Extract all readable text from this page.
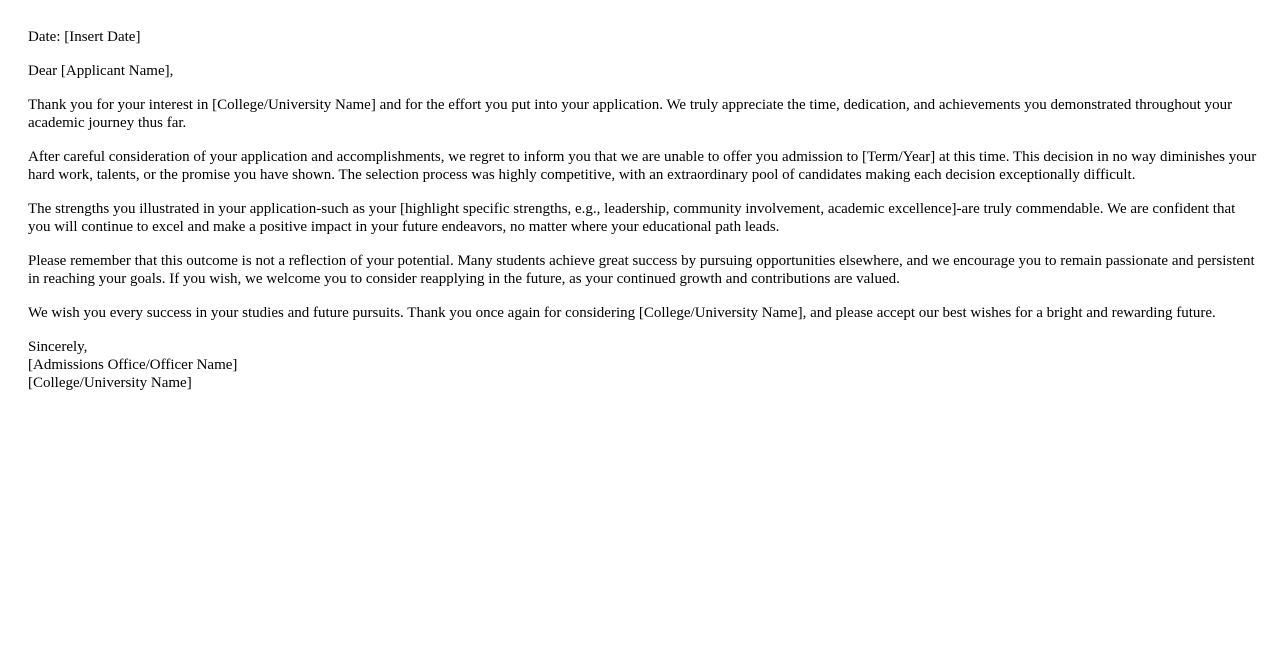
Date: [Insert Date]

Dear [Applicant Name],

Thank you for your interest in [College/University Name] and for the effort you put into your application. We truly appreciate the time, dedication, and achievements you demonstrated throughout your academic journey thus far.

After careful consideration of your application and accomplishments, we regret to inform you that we are unable to offer you admission to [Term/Year] at this time. This decision in no way diminishes your hard work, talents, or the promise you have shown. The selection process was highly competitive, with an extraordinary pool of candidates making each decision exceptionally difficult.

The strengths you illustrated in your application-such as your [highlight specific strengths, e.g., leadership, community involvement, academic excellence]-are truly commendable. We are confident that you will continue to excel and make a positive impact in your future endeavors, no matter where your educational path leads.

Please remember that this outcome is not a reflection of your potential. Many students achieve great success by pursuing opportunities elsewhere, and we encourage you to remain passionate and persistent in reaching your goals. If you wish, we welcome you to consider reapplying in the future, as your continued growth and contributions are valued.

We wish you every success in your studies and future pursuits. Thank you once again for considering [College/University Name], and please accept our best wishes for a bright and rewarding future.

Sincerely,
[Admissions Office/Officer Name]
[College/University Name]
